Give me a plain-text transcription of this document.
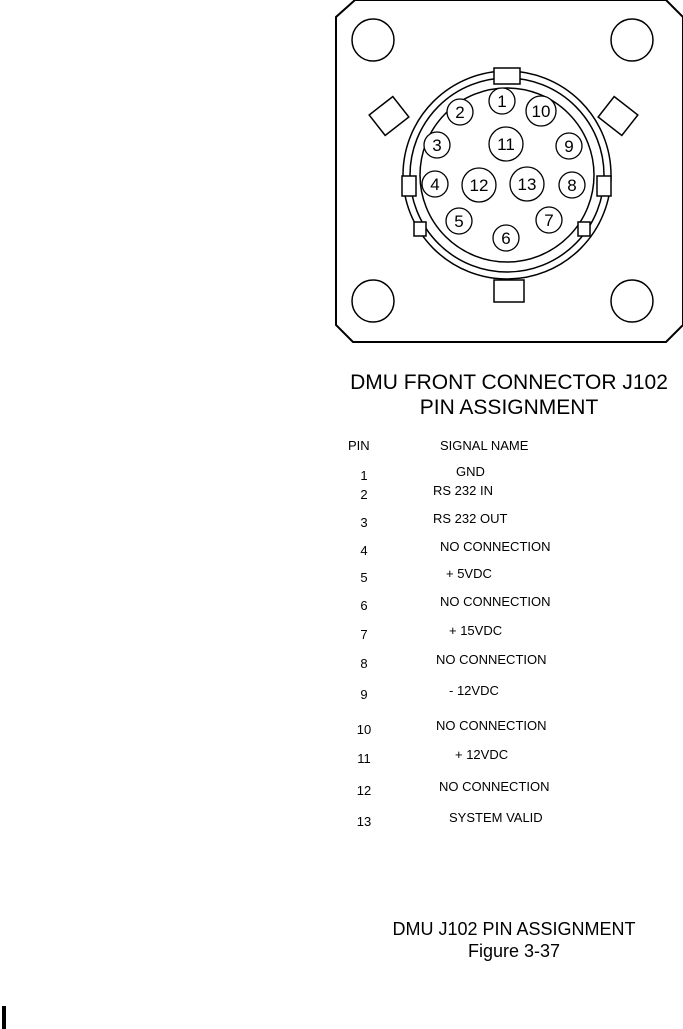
1
2	10
3	11	9
4 12 13 8
5	7
6
DMU FRONT CONNECTOR J102
PIN ASSIGNMENT
PIN	SIGNAL NAME
1	GND
2	RS 232 IN
3	RS 232 OUT
4	NO CONNECTION
5	+ 5VDC
6	NO CONNECTION
7	+ 15VDC
8	NO CONNECTION
9	- 12VDC
10	NO CONNECTION
11	+ 12VDC
12	NO CONNECTION
13	SYSTEM VALID
DMU J102 PIN ASSIGNMENT
Figure 3-37
